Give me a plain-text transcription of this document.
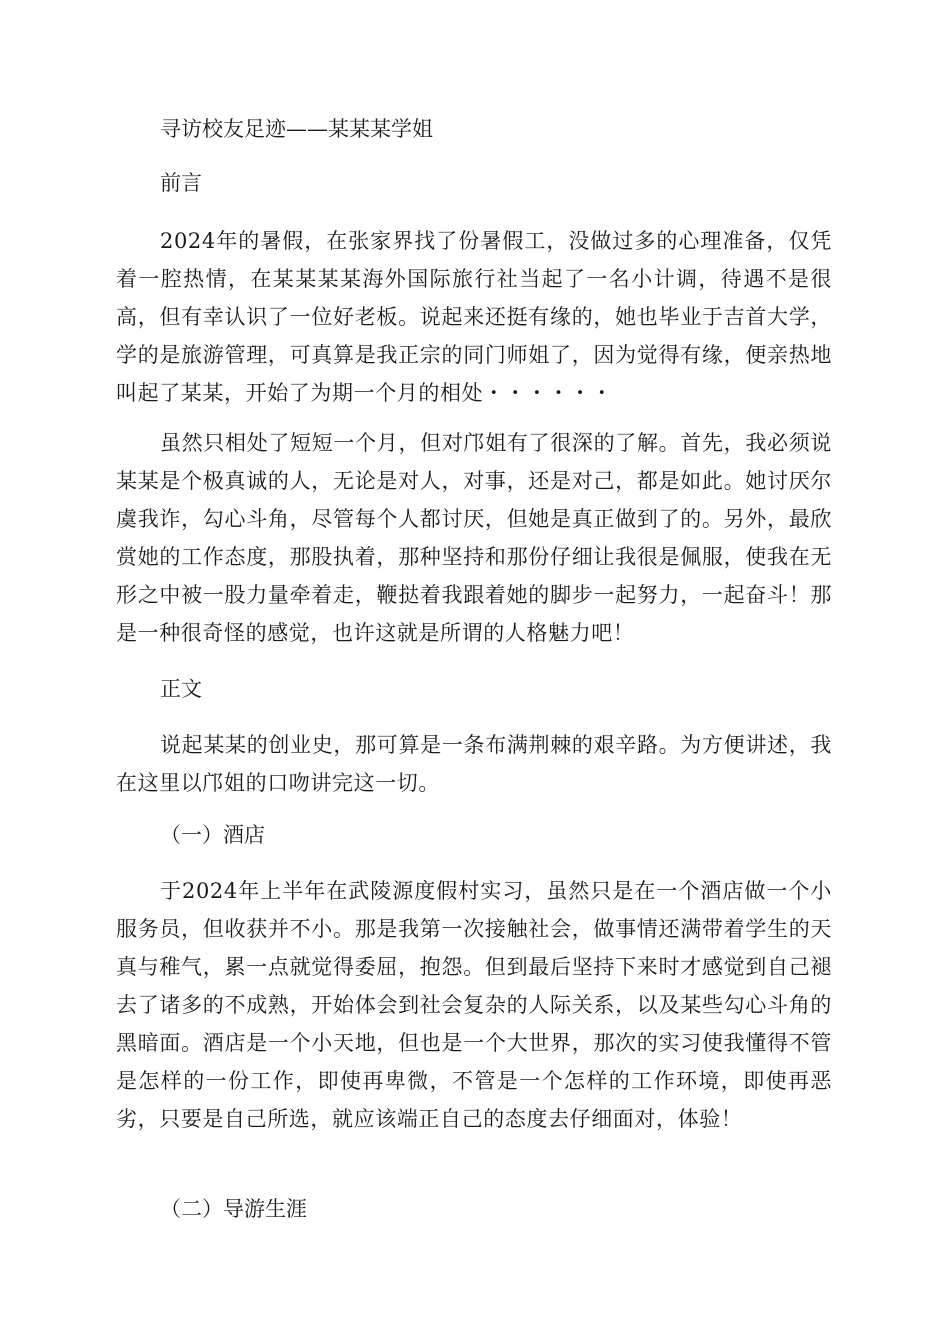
寻访校友足迹——某某某学姐

前言

2024年的暑假，在张家界找了份暑假工，没做过多的心理准备，仅凭着一腔热情，在某某某某海外国际旅行社当起了一名小计调，待遇不是很高，但有幸认识了一位好老板。说起来还挺有缘的，她也毕业于吉首大学，学的是旅游管理，可真算是我正宗的同门师姐了，因为觉得有缘，便亲热地叫起了某某，开始了为期一个月的相处・・・・・・

虽然只相处了短短一个月，但对邝姐有了很深的了解。首先，我必须说某某是个极真诚的人，无论是对人，对事，还是对己，都是如此。她讨厌尔虞我诈，勾心斗角，尽管每个人都讨厌，但她是真正做到了的。另外，最欣赏她的工作态度，那股执着，那种坚持和那份仔细让我很是佩服，使我在无形之中被一股力量牵着走，鞭挞着我跟着她的脚步一起努力，一起奋斗！那是一种很奇怪的感觉，也许这就是所谓的人格魅力吧！

正文

说起某某的创业史，那可算是一条布满荆棘的艰辛路。为方便讲述，我在这里以邝姐的口吻讲完这一切。

（一）酒店

于2024年上半年在武陵源度假村实习，虽然只是在一个酒店做一个小服务员，但收获并不小。那是我第一次接触社会，做事情还满带着学生的天真与稚气，累一点就觉得委屈，抱怨。但到最后坚持下来时才感觉到自己褪去了诸多的不成熟，开始体会到社会复杂的人际关系，以及某些勾心斗角的黑暗面。酒店是一个小天地，但也是一个大世界，那次的实习使我懂得不管是怎样的一份工作，即使再卑微，不管是一个怎样的工作环境，即使再恶劣，只要是自己所选，就应该端正自己的态度去仔细面对，体验！

（二）导游生涯
